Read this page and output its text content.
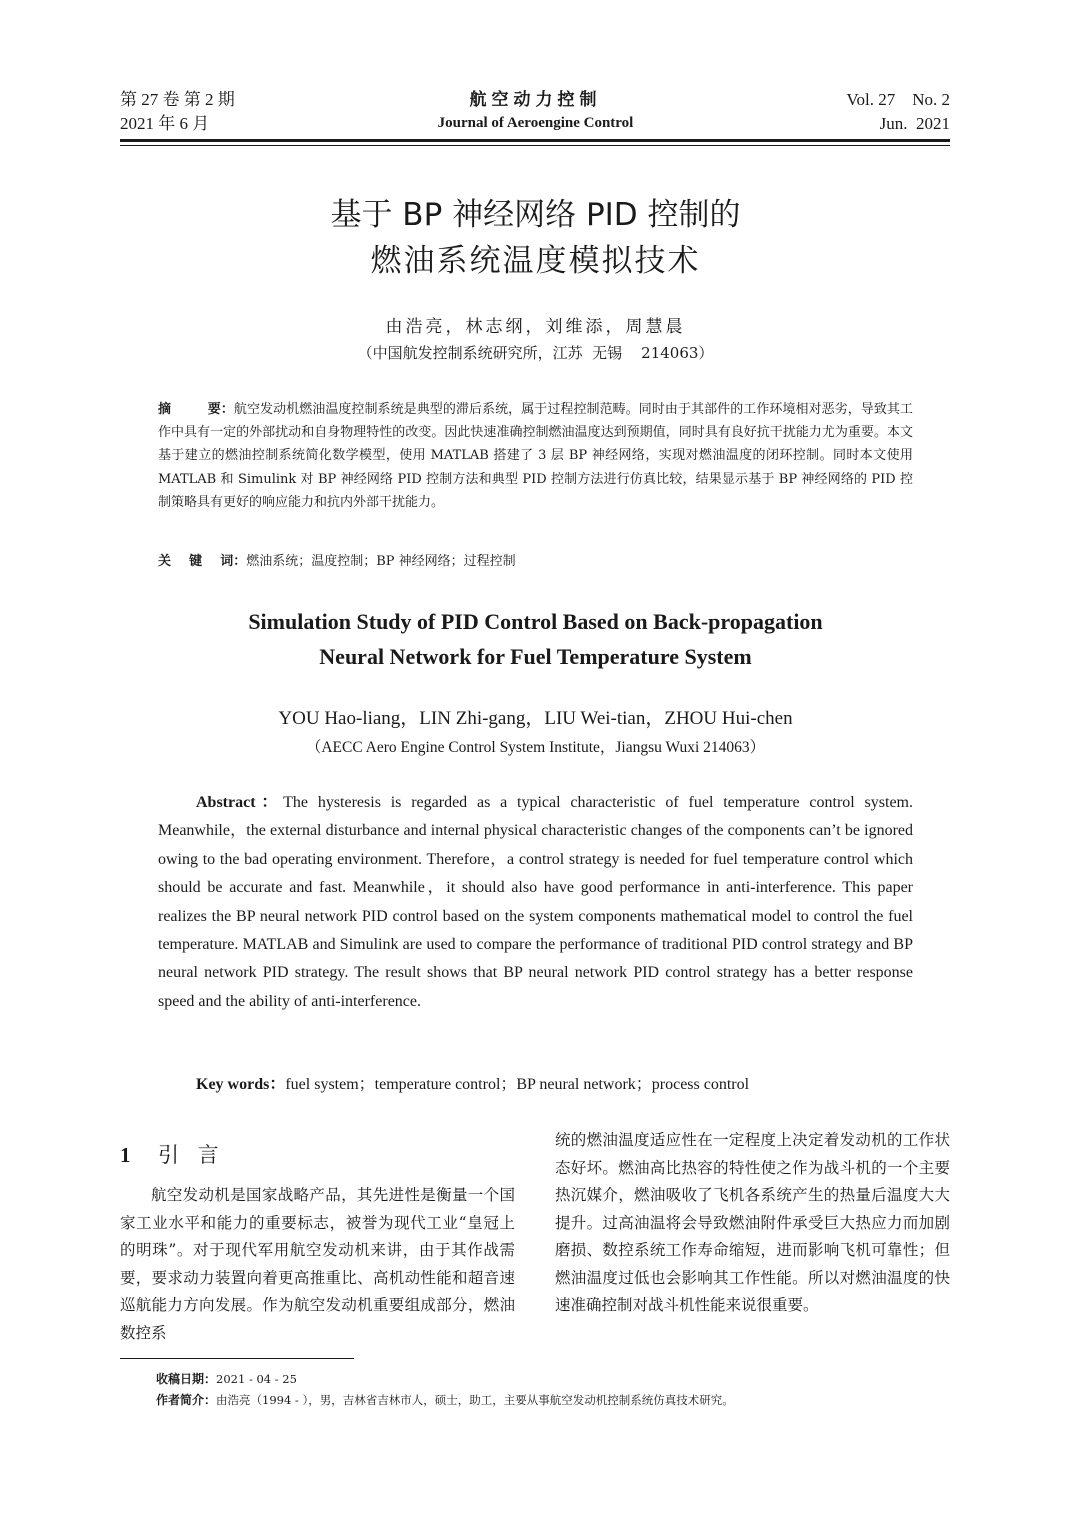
第 27 卷 第 2 期
2021 年 6 月
航空动力控制
Journal of Aeroengine Control
Vol. 27    No. 2
Jun.  2021
基于 BP 神经网络 PID 控制的
燃油系统温度模拟技术
由浩亮，林志纲，刘维添，周慧晨
（中国航发控制系统研究所，江苏  无锡    214063）
摘        要：航空发动机燃油温度控制系统是典型的滞后系统，属于过程控制范畴。同时由于其部件的工作环境相对恶劣，导致其工作中具有一定的外部扰动和自身物理特性的改变。因此快速准确控制燃油温度达到预期值，同时具有良好抗干扰能力尤为重要。本文基于建立的燃油控制系统简化数学模型，使用 MATLAB 搭建了 3 层 BP 神经网络，实现对燃油温度的闭环控制。同时本文使用 MATLAB 和 Simulink 对 BP 神经网络 PID 控制方法和典型 PID 控制方法进行仿真比较，结果显示基于 BP 神经网络的 PID 控制策略具有更好的响应能力和抗内外部干扰能力。
关    键    词：燃油系统；温度控制；BP 神经网络；过程控制
Simulation Study of PID Control Based on Back-propagation
Neural Network for Fuel Temperature System
YOU Hao-liang，LIN Zhi-gang，LIU Wei-tian，ZHOU Hui-chen
（AECC Aero Engine Control System Institute，Jiangsu Wuxi 214063）
Abstract：The hysteresis is regarded as a typical characteristic of fuel temperature control system. Meanwhile，the external disturbance and internal physical characteristic changes of the components can’t be ignored owing to the bad operating environment. Therefore，a control strategy is needed for fuel temperature control which should be accurate and fast. Meanwhile，it should also have good performance in anti-interference. This paper realizes the BP neural network PID control based on the system components mathematical model to control the fuel temperature. MATLAB and Simulink are used to compare the performance of traditional PID control strategy and BP neural network PID strategy. The result shows that BP neural network PID control strategy has a better response speed and the ability of anti-interference.
Key words：fuel system；temperature control；BP neural network；process control
1 引 言

航空发动机是国家战略产品，其先进性是衡量一个国家工业水平和能力的重要标志，被誉为现代工业“皇冠上的明珠”。对于现代军用航空发动机来讲，由于其作战需要，要求动力装置向着更高推重比、高机动性能和超音速巡航能力方向发展。作为航空发动机重要组成部分，燃油数控系

统的燃油温度适应性在一定程度上决定着发动机的工作状态好坏。燃油高比热容的特性使之作为战斗机的一个主要热沉媒介，燃油吸收了飞机各系统产生的热量后温度大大提升。过高油温将会导致燃油附件承受巨大热应力而加剧磨损、数控系统工作寿命缩短，进而影响飞机可靠性；但燃油温度过低也会影响其工作性能。所以对燃油温度的快速准确控制对战斗机性能来说很重要。

收稿日期：2021 - 04 - 25
作者简介：由浩亮（1994 - ），男，吉林省吉林市人，硕士，助工，主要从事航空发动机控制系统仿真技术研究。
